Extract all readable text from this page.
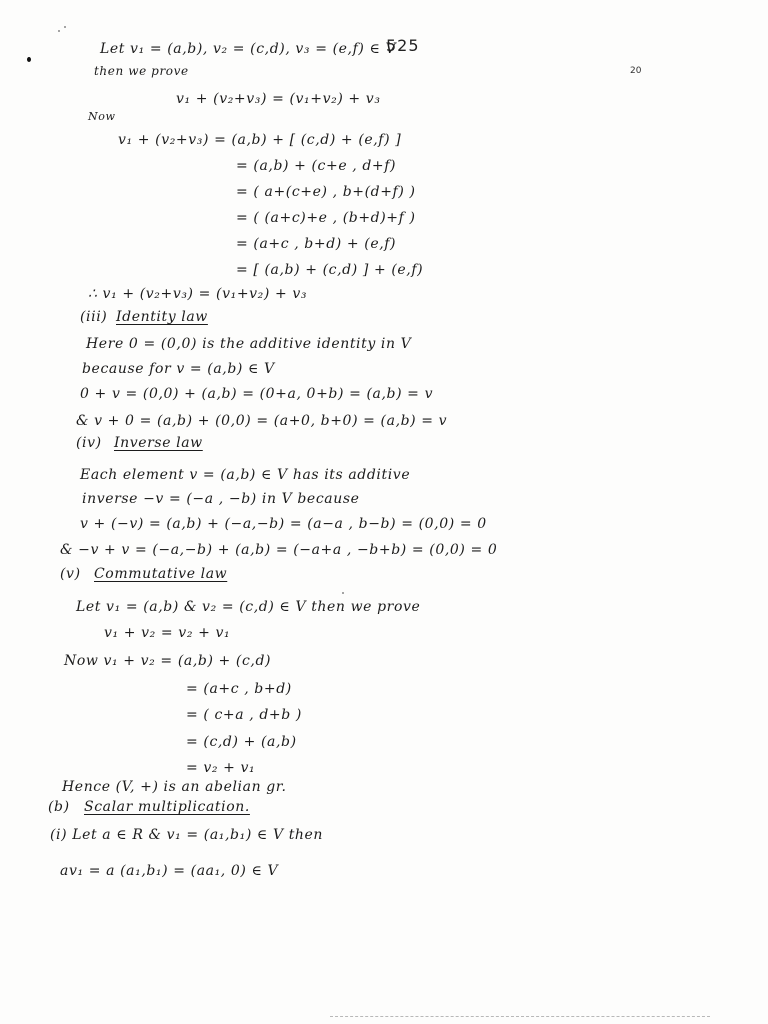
525
20
Let v₁ = (a,b), v₂ = (c,d), v₃ = (e,f) ∈ V
then we prove
v₁ + (v₂+v₃) = (v₁+v₂) + v₃
Now
v₁ + (v₂+v₃) = (a,b) + [ (c,d) + (e,f) ]
= (a,b) + (c+e , d+f)
= ( a+(c+e) , b+(d+f) )
= ( (a+c)+e , (b+d)+f )
= (a+c , b+d) + (e,f)
= [ (a,b) + (c,d) ] + (e,f)
∴ v₁ + (v₂+v₃) = (v₁+v₂) + v₃
(iii) Identity law
Here 0 = (0,0) is the additive identity in V
because for v = (a,b) ∈ V
0 + v = (0,0) + (a,b) = (0+a, 0+b) = (a,b) = v
& v + 0 = (a,b) + (0,0) = (a+0, b+0) = (a,b) = v
(iv) Inverse law
Each element v = (a,b) ∈ V has its additive
inverse −v = (−a , −b) in V because
v + (−v) = (a,b) + (−a,−b) = (a−a , b−b) = (0,0) = 0
& −v + v = (−a,−b) + (a,b) = (−a+a , −b+b) = (0,0) = 0
(v) Commutative law
Let v₁ = (a,b) & v₂ = (c,d) ∈ V then we prove
v₁ + v₂ = v₂ + v₁
Now v₁ + v₂ = (a,b) + (c,d)
= (a+c , b+d)
= ( c+a , d+b )
= (c,d) + (a,b)
= v₂ + v₁
Hence (V, +) is an abelian gr.
(b) Scalar multiplication.
(i) Let a ∈ R & v₁ = (a₁,b₁) ∈ V then
av₁ = a (a₁,b₁) = (aa₁, 0) ∈ V
